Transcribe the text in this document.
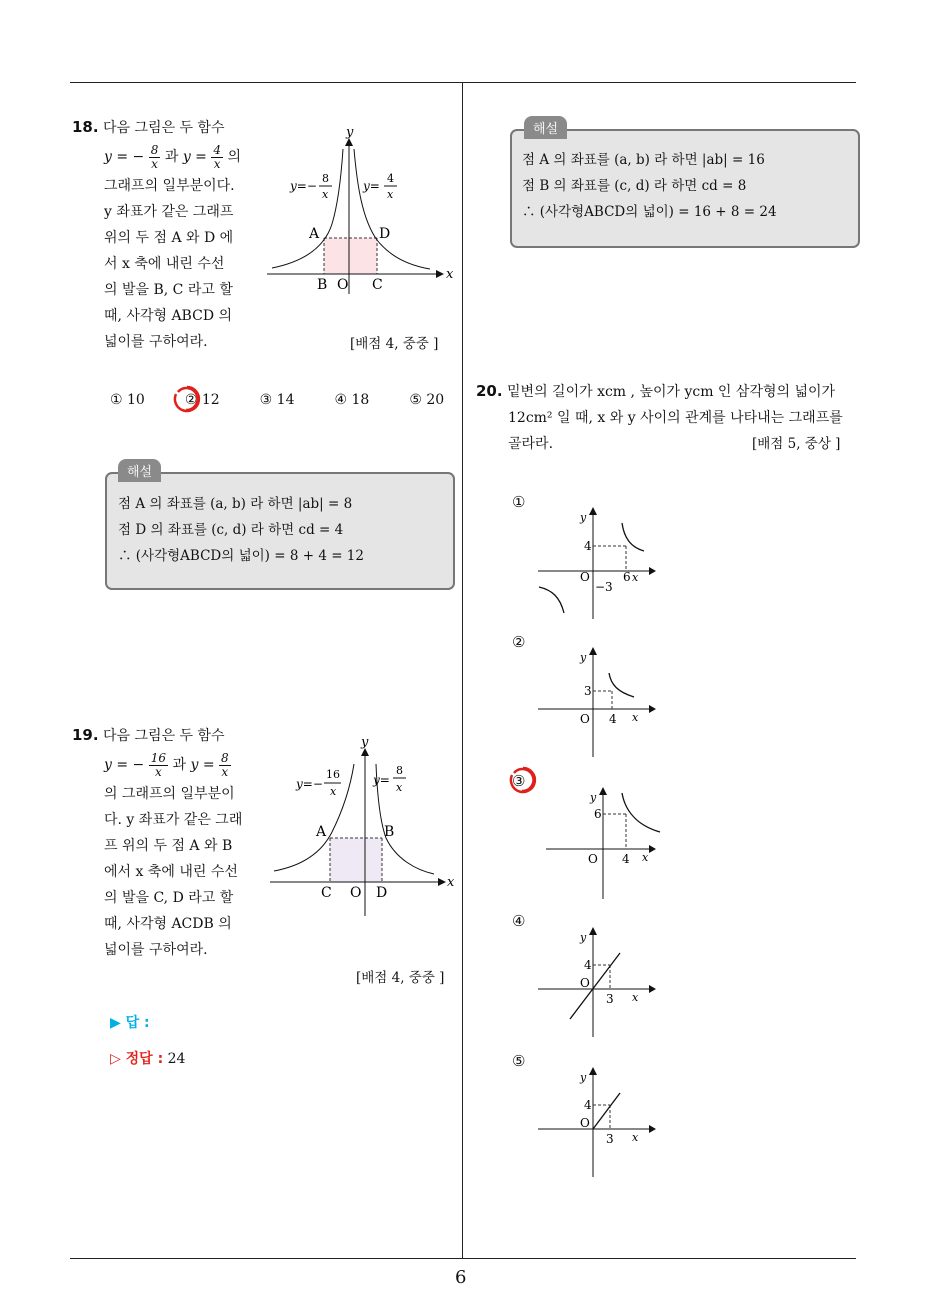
6
18. 다음 그림은 두 함수
y = − $\frac{8}{x}$ 과 $y = \frac{4}{x}$ 의
그래프의 일부분이다.
y 좌표가 같은 그래프
위의 두 점 A 와 D 에
서 x 축에 내린 수선
의 발을 B, C 라고 할
때, 사각형 ABCD 의
넓이를 구하여라.
y
x
A	D
B O C
y=−
8
x
y=
4
x
[배점 4, 중중 ]
① 10	② 12	③ 14	④ 18	⑤ 20
해설
점 A 의 좌표를 (a, b) 라 하면 |ab| = 8
점 D 의 좌표를 (c, d) 라 하면 cd = 4
∴ (사각형ABCD의 넓이) = 8 + 4 = 12
19. 다음 그림은 두 함수
y = − $\frac{16}{x}$ 과 $y = \frac{8}{x}$
의 그래프의 일부분이
다. y 좌표가 같은 그래
프 위의 두 점 A 와 B
에서 x 축에 내린 수선
의 발을 C, D 라고 할
때, 사각형 ACDB 의
넓이를 구하여라.
y
x
A	B
C O D
y=−
16
x
y=
8
x
[배점 4, 중중 ]
▶ 답 :
▷ 정답 : 24
해설
점 A 의 좌표를 (a, b) 라 하면 |ab| = 16
점 B 의 좌표를 (c, d) 라 하면 cd = 8
∴ (사각형ABCD의 넓이) = 16 + 8 = 24
20. 밑변의 길이가 xcm , 높이가 ycm 인 삼각형의 넓이가
12cm² 일 때, x 와 y 사이의 관계를 나타내는 그래프를
골라라.	[배점 5, 중상 ]
①
y
x
O
4
6
−3
②
y
x
O
3
4
③
y
x
O
6
4
④
y
x
O
4
3
⑤
y
x
O
4
3
